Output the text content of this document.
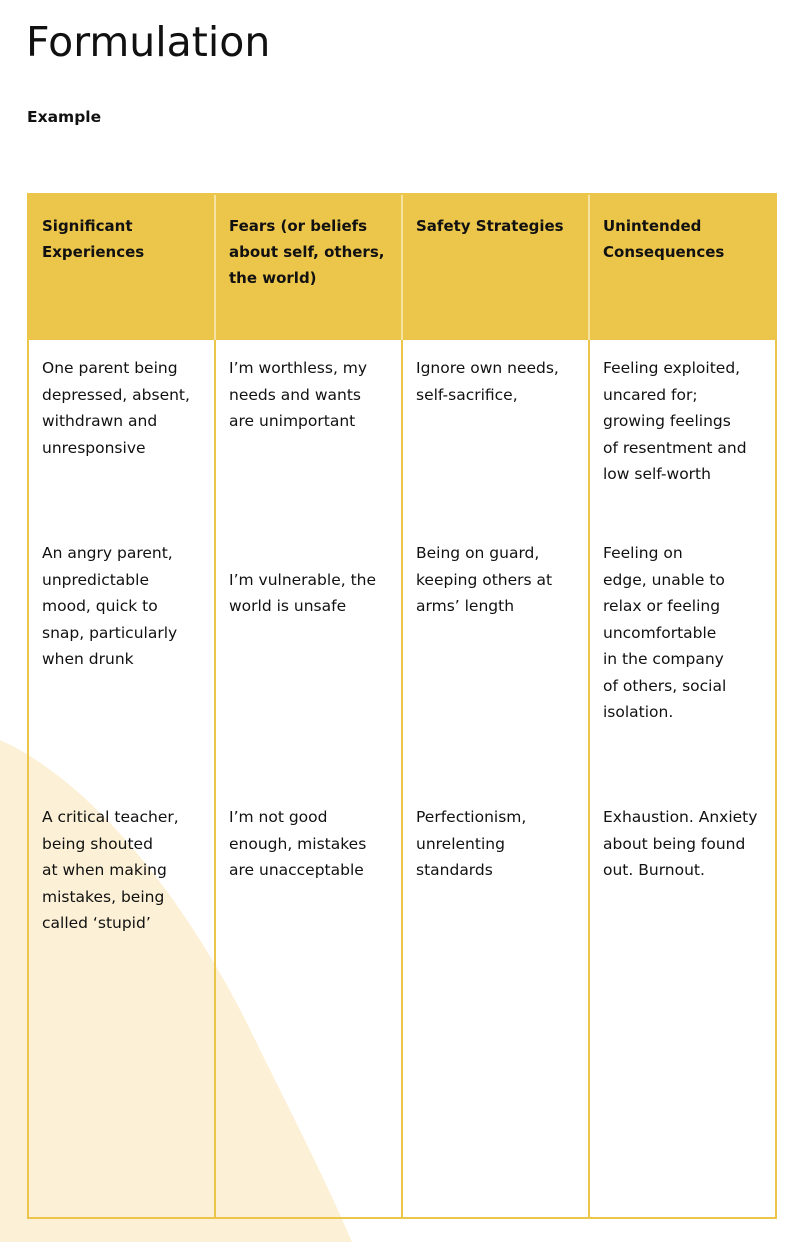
Formulation
Example
Significant
Experiences
Fears (or beliefs
about self, others,
the world)
Safety Strategies	Unintended
Consequences
One parent being
depressed, absent,
withdrawn and
unresponsive
An angry parent,
unpredictable
mood, quick to
snap, particularly
when drunk
A critical teacher,
being shouted
at when making
mistakes, being
called ‘stupid’
I’m worthless, my
needs and wants
are unimportant

I’m vulnerable, the
world is unsafe
I’m not good
enough, mistakes
are unacceptable
Ignore own needs,
self-sacrifice,
Being on guard,
keeping others at
arms’ length
Perfectionism,
unrelenting
standards
Feeling exploited,
uncared for;
growing feelings
of resentment and
low self-worth
Feeling on
edge, unable to
relax or feeling
uncomfortable
in the company
of others, social
isolation.
Exhaustion. Anxiety
about being found
out. Burnout.
